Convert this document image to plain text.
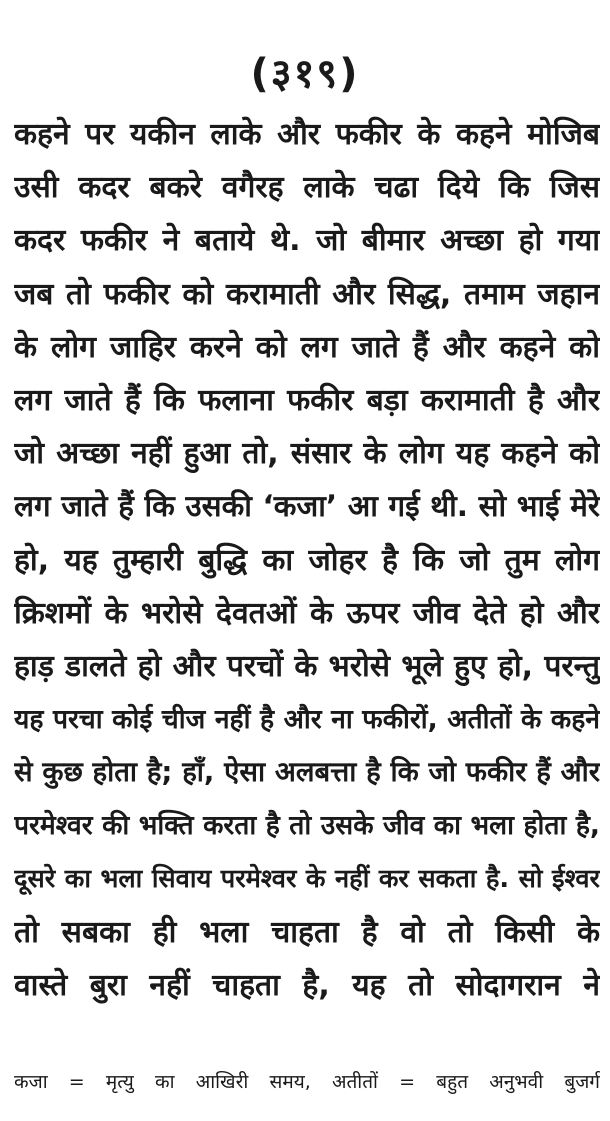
(३१९)
कहने पर यकीन लाके और फकीर के कहने मोजिब
उसी कदर बकरे वगैरह लाके चढा दिये कि जिस
कदर फकीर ने बताये थे. जो बीमार अच्छा हो गया
जब तो फकीर को करामाती और सिद्ध, तमाम जहान
के लोग जाहिर करने को लग जाते हैं और कहने को
लग जाते हैं कि फलाना फकीर बड़ा करामाती है और
जो अच्छा नहीं हुआ तो, संसार के लोग यह कहने को
लग जाते हैं कि उसकी ‘कजा’ आ गई थी. सो भाई मेरे
हो, यह तुम्हारी बुद्धि का जोहर है कि जो तुम लोग
क्रिशमों के भरोसे देवतओं के ऊपर जीव देते हो और
हाड़ डालते हो और परचों के भरोसे भूले हुए हो, परन्तु
यह परचा कोई चीज नहीं है और ना फकीरों, अतीतों के कहने
से कुछ होता है; हाँ, ऐसा अलबत्ता है कि जो फकीर हैं और
परमेश्वर की भक्ति करता है तो उसके जीव का भला होता है,
दूसरे का भला सिवाय परमेश्वर के नहीं कर सकता है. सो ईश्वर
तो सबका ही भला चाहता है वो तो किसी के
वास्ते बुरा नहीं चाहता है, यह तो सोदागरान ने
कजा = मृत्यु का आखिरी समय, अतीतों = बहुत अनुभवी बुजर्ग
